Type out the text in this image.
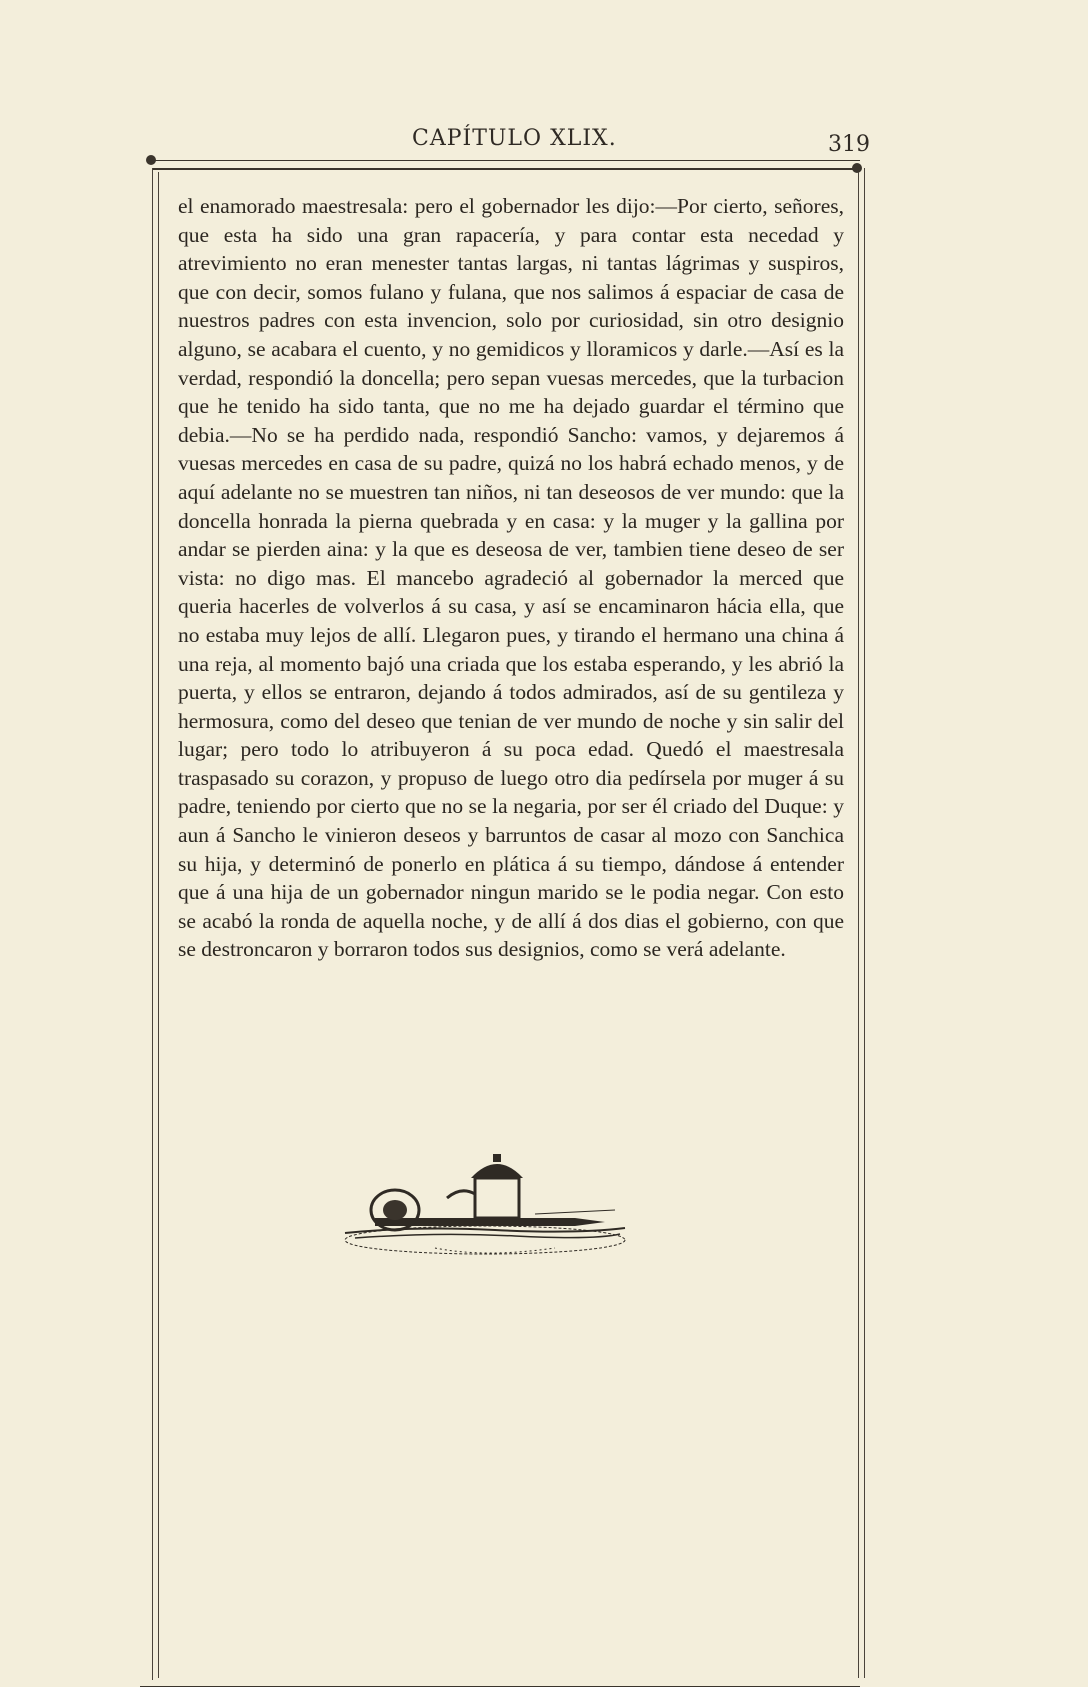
CAPÍTULO XLIX.	319
el enamorado maestresala: pero el gobernador les dijo:—Por cierto, señores, que esta ha sido una gran rapacería, y para contar esta necedad y atrevimiento no eran menester tantas largas, ni tantas lágrimas y suspiros, que con decir, somos fulano y fulana, que nos salimos á espaciar de casa de nuestros padres con esta invencion, solo por curiosidad, sin otro designio alguno, se acabara el cuento, y no gemidicos y lloramicos y darle.—Así es la verdad, respondió la doncella; pero sepan vuesas mercedes, que la turbacion que he tenido ha sido tanta, que no me ha dejado guardar el término que debia.—No se ha perdido nada, respondió Sancho: vamos, y dejaremos á vuesas mercedes en casa de su padre, quizá no los habrá echado menos, y de aquí adelante no se muestren tan niños, ni tan deseosos de ver mundo: que la doncella honrada la pierna quebrada y en casa: y la muger y la gallina por andar se pierden aina: y la que es deseosa de ver, tambien tiene deseo de ser vista: no digo mas. El mancebo agradeció al gobernador la merced que queria hacerles de volverlos á su casa, y así se encaminaron hácia ella, que no estaba muy lejos de allí. Llegaron pues, y tirando el hermano una china á una reja, al momento bajó una criada que los estaba esperando, y les abrió la puerta, y ellos se entraron, dejando á todos admirados, así de su gentileza y hermosura, como del deseo que tenian de ver mundo de noche y sin salir del lugar; pero todo lo atribuyeron á su poca edad. Quedó el maestresala traspasado su corazon, y propuso de luego otro dia pedírsela por muger á su padre, teniendo por cierto que no se la negaria, por ser él criado del Duque: y aun á Sancho le vinieron deseos y barruntos de casar al mozo con Sanchica su hija, y determinó de ponerlo en plática á su tiempo, dándose á entender que á una hija de un gobernador ningun marido se le podia negar. Con esto se acabó la ronda de aquella noche, y de allí á dos dias el gobierno, con que se destroncaron y borraron todos sus designios, como se verá adelante.
